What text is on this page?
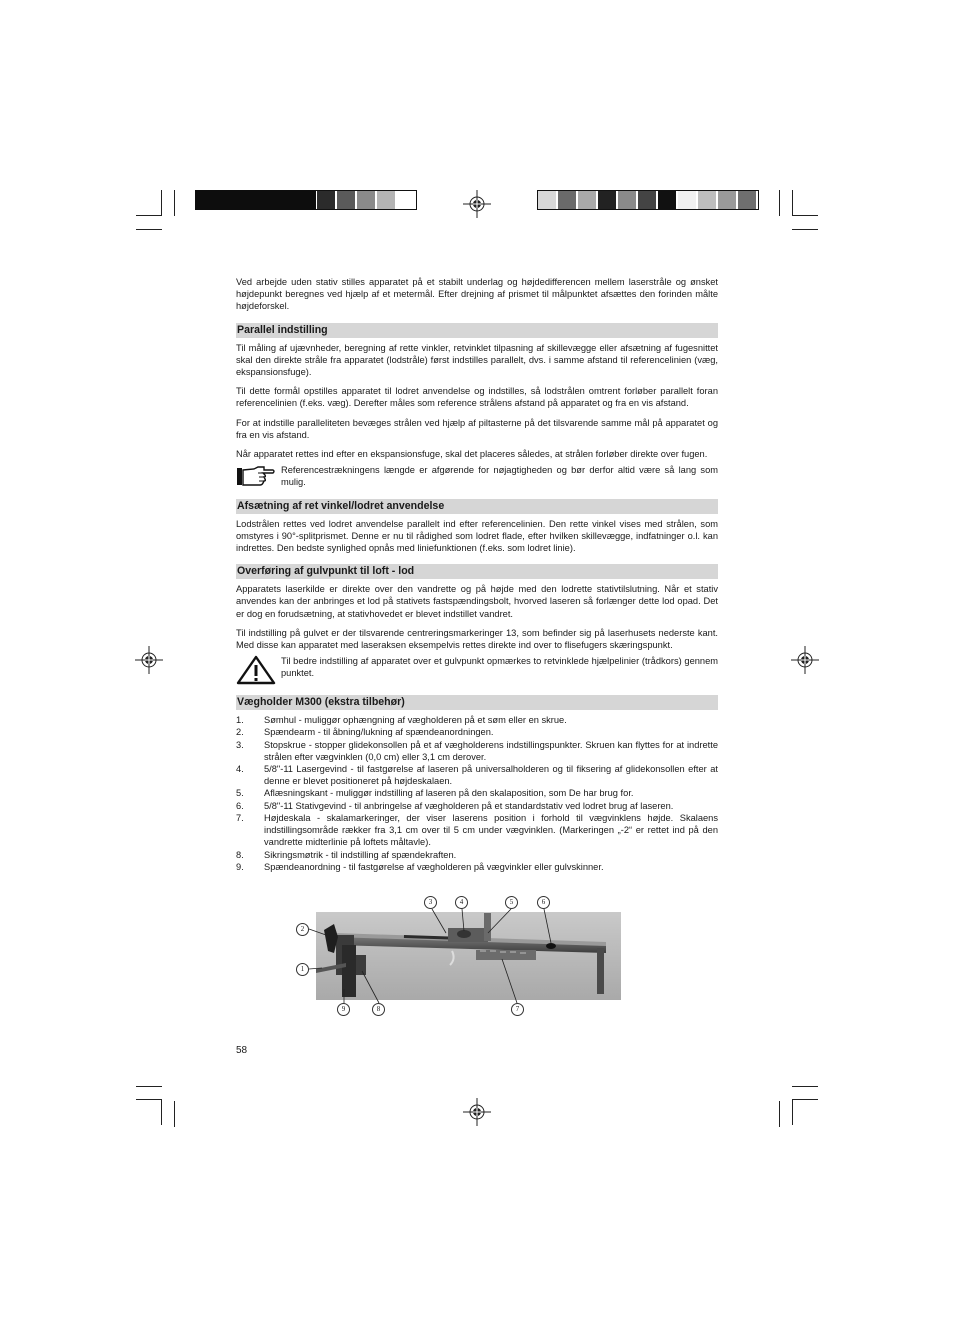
Ved arbejde uden stativ stilles apparatet på et stabilt underlag og højdedifferencen mellem laserstråle og ønsket højdepunkt beregnes ved hjælp af et metermål. Efter drejning af prismet til målpunktet afsættes den forinden målte højdeforskel.

Parallel indstilling

Til måling af ujævnheder, beregning af rette vinkler, retvinklet tilpasning af skillevægge eller afsætning af fugesnittet skal den direkte stråle fra apparatet (lodstråle) først indstilles parallelt, dvs. i samme afstand til referencelinien (væg, ekspansionsfuge).

Til dette formål opstilles apparatet til lodret anvendelse og indstilles, så lodstrålen omtrent forløber parallelt foran referencelinien (f.eks. væg). Derefter måles som reference strålens afstand på apparatet og fra en vis afstand.

For at indstille paralleliteten bevæges strålen ved hjælp af piltasterne på det tilsvarende samme mål på apparatet og fra en vis afstand.

Når apparatet rettes ind efter en ekspansionsfuge, skal det placeres således, at strålen forløber direkte over fugen.

Referencestrækningens længde er afgørende for nøjagtigheden og bør derfor altid være så lang som mulig.
Afsætning af ret vinkel/lodret anvendelse

Lodstrålen rettes ved lodret anvendelse parallelt ind efter referencelinien. Den rette vinkel vises med strålen, som omstyres i 90°-splitprismet. Denne er nu til rådighed som lodret flade, efter hvilken skillevægge, indfatninger o.l. kan indrettes. Den bedste synlighed opnås med liniefunktionen (f.eks. som lodret linie).

Overføring af gulvpunkt til loft - lod

Apparatets laserkilde er direkte over den vandrette og på højde med den lodrette stativtilslutning. Når et stativ anvendes kan der anbringes et lod på stativets fastspændingsbolt, hvorved laseren så forlænger dette lod opad. Det er dog en forudsætning, at stativhovedet er blevet indstillet vandret.

Til indstilling på gulvet er der tilsvarende centreringsmarkeringer 13, som befinder sig på laserhusets nederste kant. Med disse kan apparatet med laseraksen eksempelvis rettes direkte ind over to flisefugers skæringspunkt.

Til bedre indstilling af apparatet over et gulvpunkt opmærkes to retvinklede hjælpelinier (trådkors) gennem punktet.
Vægholder M300 (ekstra tilbehør)
1.	Sømhul - muliggør ophængning af vægholderen på et søm eller en skrue.
2.	Spændearm - til åbning/lukning af spændeanordningen.
3.	Stopskrue - stopper glidekonsollen på et af vægholderens indstillingspunkter. Skruen kan flyttes for at indrette strålen efter vægvinklen (0,0 cm) eller 3,1 cm derover.
4.	5/8"-11 Lasergevind - til fastgørelse af laseren på universalholderen og til fiksering af glidekonsollen efter at denne er blevet positioneret på højdeskalaen.
5.	Aflæsningskant - muliggør indstilling af laseren på den skalaposition, som De har brug for.
6.	5/8"-11 Stativgevind - til anbringelse af vægholderen på et standardstativ ved lodret brug af laseren.
7.	Højdeskala - skalamarkeringer, der viser laserens position i forhold til vægvinklens højde. Skalaens indstillingsområde rækker fra 3,1 cm over til 5 cm under vægvinklen. (Markeringen „-2“ er rettet ind på den vandrette midterlinie på loftets måltavle).
8.	Sikringsmøtrik - til indstilling af spændekraften.
9.	Spændeanordning - til fastgørelse af vægholderen på vægvinkler eller gulvskinner.
1
2
3	4	5	6
7
8
9
58
